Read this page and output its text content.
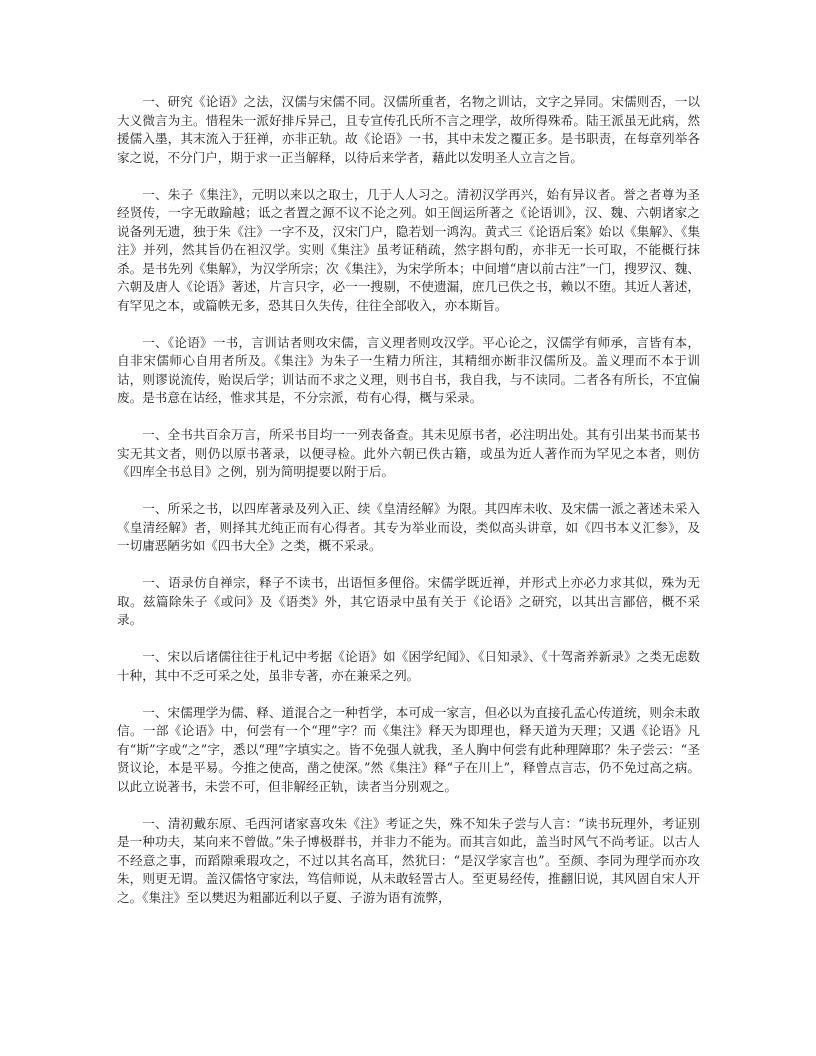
一、研究《论语》之法，汉儒与宋儒不同。汉儒所重者，名物之训诂，文字之异同。宋儒则否，一以大义微言为主。惜程朱一派好排斥异己，且专宣传孔氏所不言之理学，故所得殊希。陆王派虽无此病，然援儒入墨，其末流入于狂禅，亦非正轨。故《论语》一书，其中未发之覆正多。是书职责，在每章列举各家之说，不分门户，期于求一正当解释，以待后来学者，藉此以发明圣人立言之旨。

一、朱子《集注》，元明以来以之取士，几于人人习之。清初汉学再兴，始有异议者。誉之者尊为圣经贤传，一字无敢踰越；诋之者置之源不议不论之列。如王闿运所著之《论语训》，汉、魏、六朝诸家之说备列无遗，独于朱《注》一字不及，汉宋门户，隐若划一鸿沟。黄式三《论语后案》始以《集解》、《集注》并列，然其旨仍在袒汉学。实则《集注》虽考证稍疏，然字斟句酌，亦非无一长可取，不能概行抹杀。是书先列《集解》，为汉学所宗；次《集注》，为宋学所本；中间增“唐以前古注”一门，搜罗汉、魏、六朝及唐人《论语》著述，片言只字，必一一搜剔，不使遗漏，庶几已佚之书，赖以不堕。其近人著述，有罕见之本，或篇帙无多，恐其日久失传，往往全部收入，亦本斯旨。

一、《论语》一书，言训诂者则攻宋儒，言义理者则攻汉学。平心论之，汉儒学有师承，言皆有本，自非宋儒师心自用者所及。《集注》为朱子一生精力所注，其精细亦断非汉儒所及。盖义理而不本于训诂，则谬说流传，贻误后学；训诂而不求之义理，则书自书，我自我，与不读同。二者各有所长，不宜偏废。是书意在诂经，惟求其是，不分宗派，苟有心得，概与采录。

一、全书共百余万言，所采书目均一一列表备查。其未见原书者，必注明出处。其有引出某书而某书实无其文者，则仍以原书著录，以便寻检。此外六朝已佚古籍，或虽为近人著作而为罕见之本者，则仿《四库全书总目》之例，别为简明提要以附于后。

一、所采之书，以四库著录及列入正、续《皇清经解》为限。其四库未收、及宋儒一派之著述未采入《皇清经解》者，则择其尤纯正而有心得者。其专为举业而设，类似高头讲章，如《四书本义汇参》，及一切庸恶陋劣如《四书大全》之类，概不采录。

一、语录仿自禅宗，释子不读书，出语恒多俚俗。宋儒学既近禅，并形式上亦必力求其似，殊为无取。兹篇除朱子《或问》及《语类》外，其它语录中虽有关于《论语》之研究，以其出言鄙倍，概不采录。

一、宋以后诸儒往往于札记中考据《论语》如《困学纪闻》、《日知录》、《十驾斋养新录》之类无虑数十种，其中不乏可采之处，虽非专著，亦在兼采之列。

一、宋儒理学为儒、释、道混合之一种哲学，本可成一家言，但必以为直接孔孟心传道统，则余未敢信。一部《论语》中，何尝有一个“理”字？而《集注》释天为即理也，释天道为天理；又遇《论语》凡有“斯”字或“之”字，悉以“理”字填实之。皆不免强人就我，圣人胸中何尝有此种理障耶？朱子尝云：“圣贤议论，本是平易。今推之使高，凿之使深。”然《集注》释“子在川上”，释曾点言志，仍不免过高之病。以此立说著书，未尝不可，但非解经正轨，读者当分别观之。

一、清初戴东原、毛西河诸家喜攻朱《注》考证之失，殊不知朱子尝与人言：“读书玩理外，考证别是一种功夫，某向来不曾做。”朱子博极群书，并非力不能为。而其言如此，盖当时风气不尚考证。以古人不经意之事，而蹈隙乘瑕攻之，不过以其名高耳，然犹曰：“是汉学家言也”。至颜、李同为理学而亦攻朱，则更无谓。盖汉儒恪守家法，笃信师说，从未敢轻詈古人。至更易经传，推翻旧说，其风固自宋人开之。《集注》至以樊迟为粗鄙近利以子夏、子游为语有流弊，
